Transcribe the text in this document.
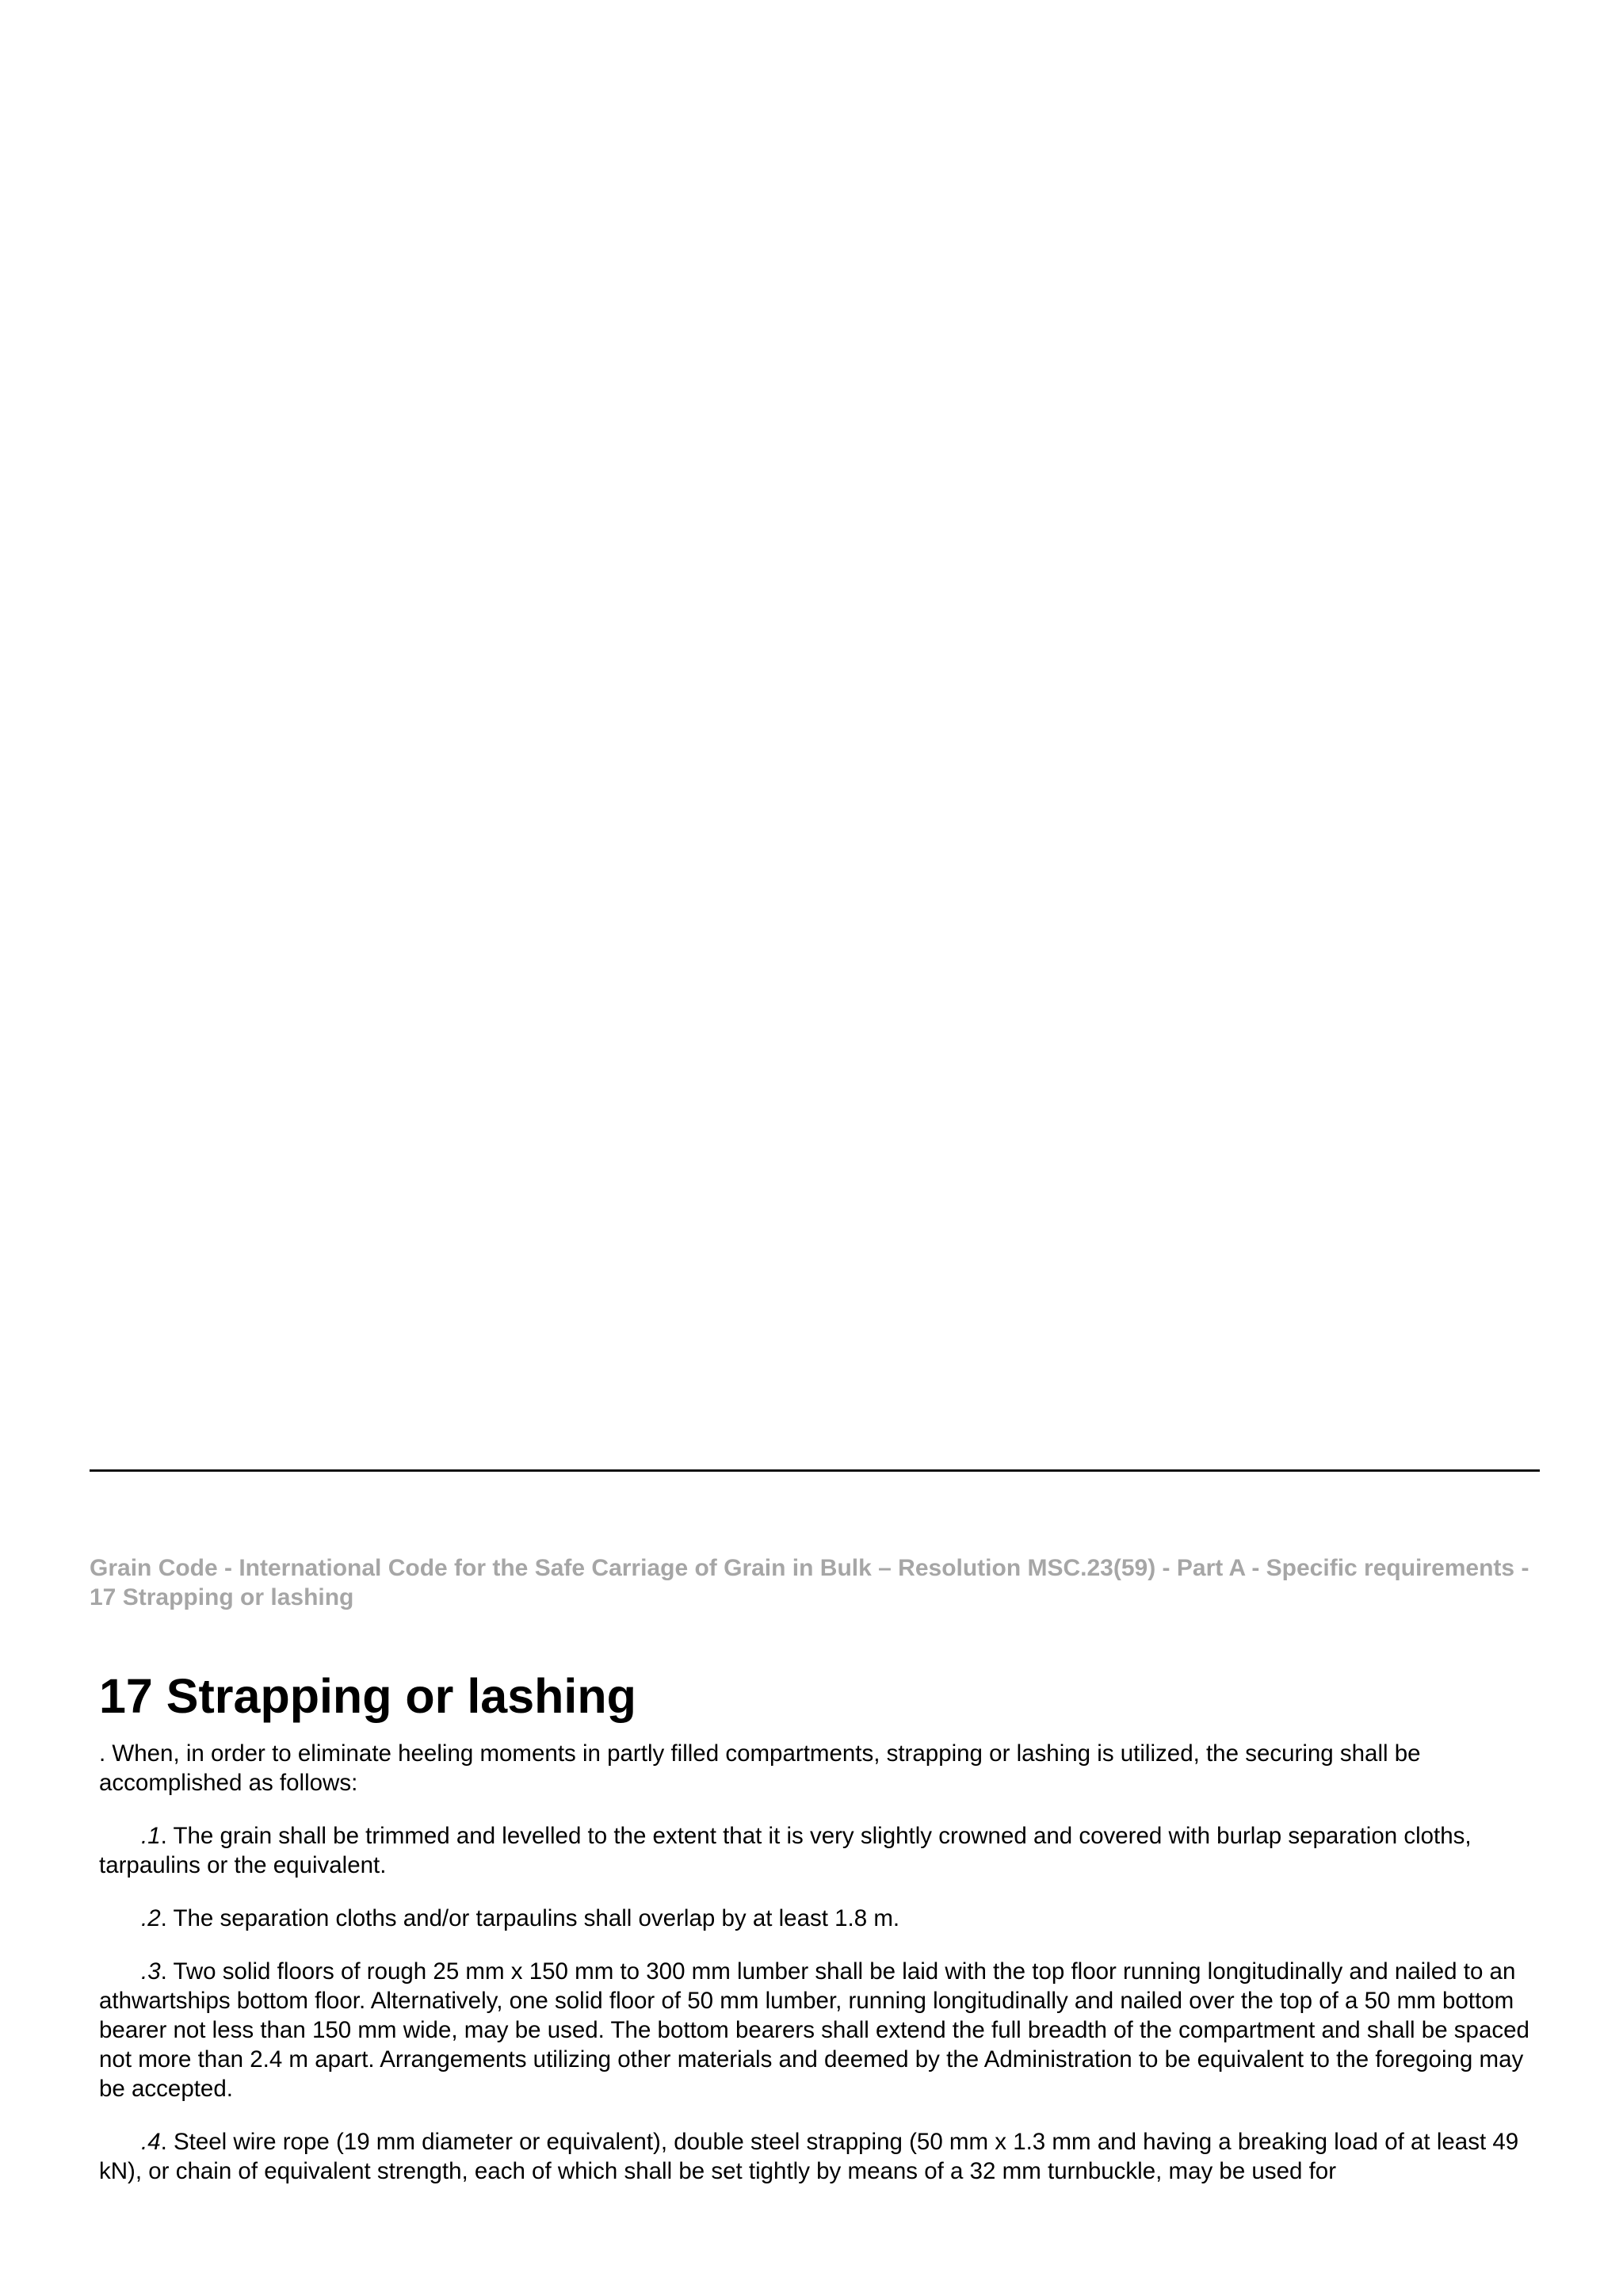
Grain Code - International Code for the Safe Carriage of Grain in Bulk – Resolution MSC.23(59) - Part A - Specific requirements - 17 Strapping or lashing
17 Strapping or lashing

. When, in order to eliminate heeling moments in partly filled compartments, strapping or lashing is utilized, the securing shall be accomplished as follows:

.1. The grain shall be trimmed and levelled to the extent that it is very slightly crowned and covered with burlap separation cloths, tarpaulins or the equivalent.

.2. The separation cloths and/or tarpaulins shall overlap by at least 1.8 m.

.3. Two solid floors of rough 25 mm x 150 mm to 300 mm lumber shall be laid with the top floor running longitudinally and nailed to an athwartships bottom floor. Alternatively, one solid floor of 50 mm lumber, running longitudinally and nailed over the top of a 50 mm bottom bearer not less than 150 mm wide, may be used. The bottom bearers shall extend the full breadth of the compartment and shall be spaced not more than 2.4 m apart. Arrangements utilizing other materials and deemed by the Administration to be equivalent to the foregoing may be accepted.

.4. Steel wire rope (19 mm diameter or equivalent), double steel strapping (50 mm x 1.3 mm and having a breaking load of at least 49 kN), or chain of equivalent strength, each of which shall be set tightly by means of a 32 mm turnbuckle, may be used for
